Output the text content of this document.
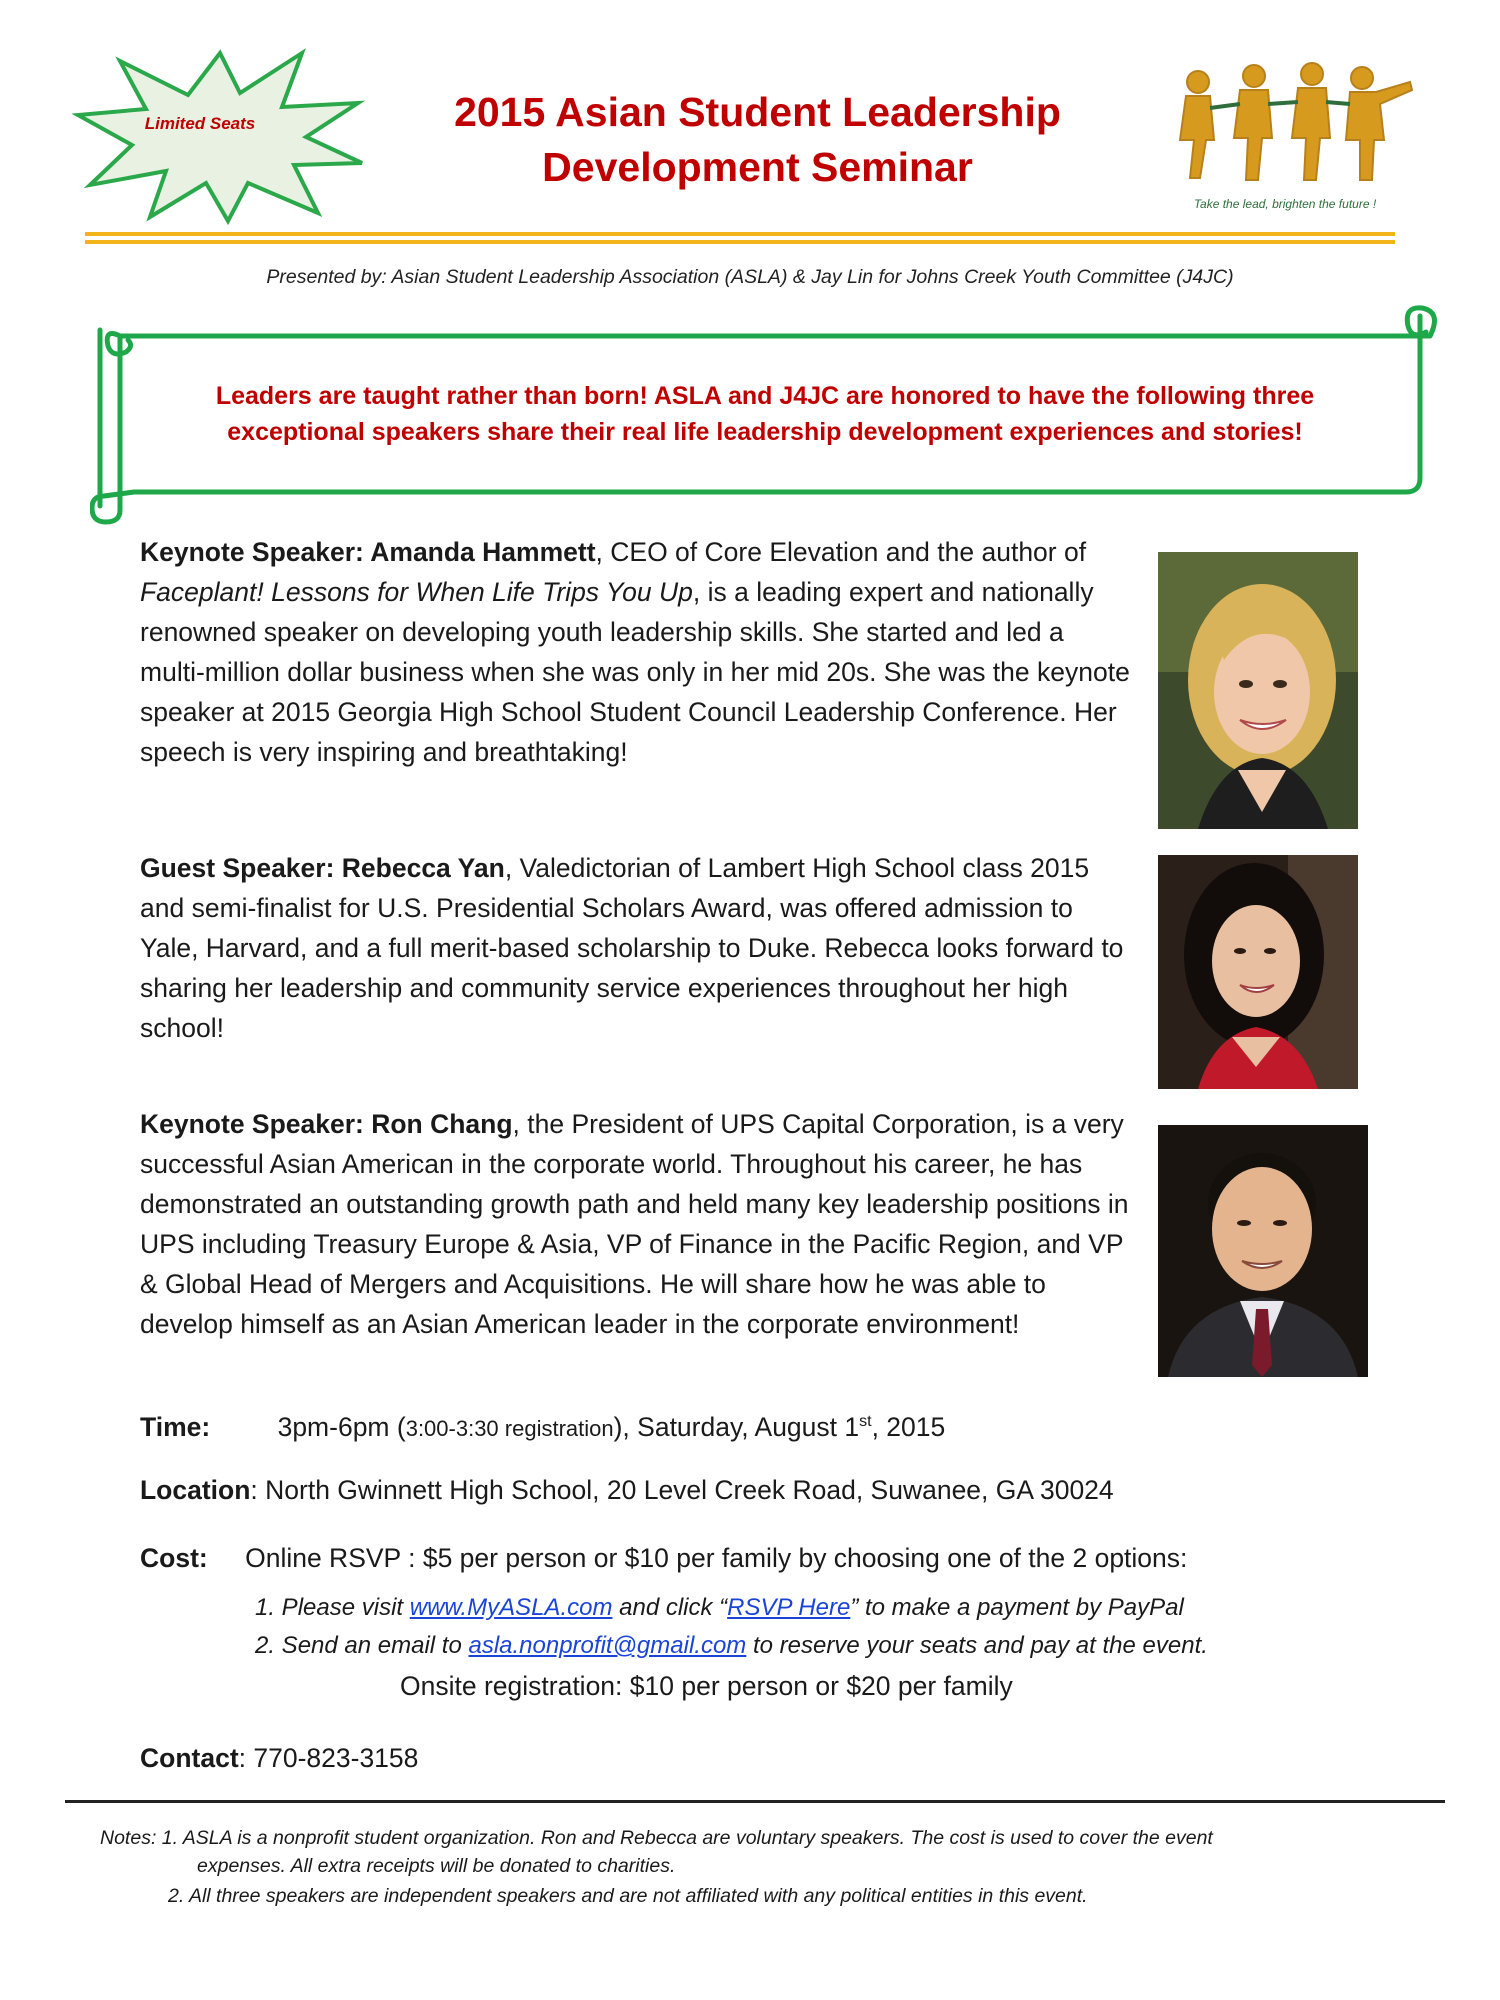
Limited Seats	2015 Asian Student Leadership
Development Seminar
Take the lead, brighten the future !
Presented by: Asian Student Leadership Association (ASLA) & Jay Lin for Johns Creek Youth Committee (J4JC)
Leaders are taught rather than born! ASLA and J4JC are honored to have the following three exceptional speakers share their real life leadership development experiences and stories!
Keynote Speaker: Amanda Hammett, CEO of Core Elevation and the author of Faceplant! Lessons for When Life Trips You Up, is a leading expert and nationally renowned speaker on developing youth leadership skills. She started and led a multi-million dollar business when she was only in her mid 20s. She was the keynote speaker at 2015 Georgia High School Student Council Leadership Conference. Her speech is very inspiring and breathtaking!
Guest Speaker: Rebecca Yan, Valedictorian of Lambert High School class 2015 and semi-finalist for U.S. Presidential Scholars Award, was offered admission to Yale, Harvard, and a full merit-based scholarship to Duke. Rebecca looks forward to sharing her leadership and community service experiences throughout her high school!
Keynote Speaker: Ron Chang, the President of UPS Capital Corporation, is a very successful Asian American in the corporate world. Throughout his career, he has demonstrated an outstanding growth path and held many key leadership positions in UPS including Treasury Europe & Asia, VP of Finance in the Pacific Region, and VP & Global Head of Mergers and Acquisitions. He will share how he was able to develop himself as an Asian American leader in the corporate environment!
Time:	3pm-6pm (3:00-3:30 registration), Saturday, August 1st, 2015
Location: North Gwinnett High School, 20 Level Creek Road, Suwanee, GA 30024
Cost: Online RSVP : $5 per person or $10 per family by choosing one of the 2 options:
1. Please visit www.MyASLA.com and click “RSVP Here” to make a payment by PayPal
2. Send an email to asla.nonprofit@gmail.com to reserve your seats and pay at the event.
Onsite registration: $10 per person or $20 per family
Contact: 770-823-3158
Notes: 1. ASLA is a nonprofit student organization. Ron and Rebecca are voluntary speakers. The cost is used to cover the event
expenses. All extra receipts will be donated to charities.
2. All three speakers are independent speakers and are not affiliated with any political entities in this event.
